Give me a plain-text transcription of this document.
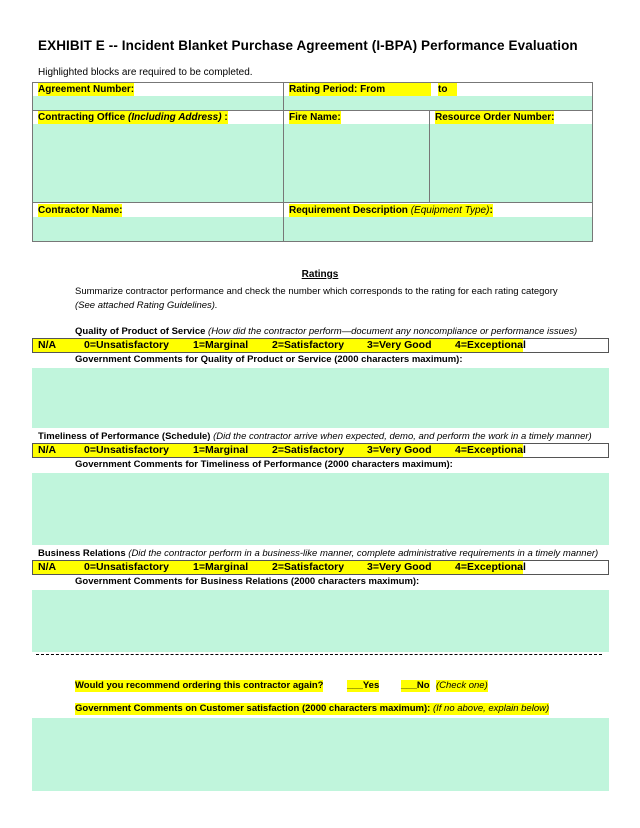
EXHIBIT E -- Incident Blanket Purchase Agreement (I-BPA) Performance Evaluation
Highlighted blocks are required to be completed.
Agreement Number:	Rating Period: From	to
Contracting Office (Including Address) :	Fire Name:	Resource Order Number:
Contractor Name:	Requirement Description (Equipment Type):
Ratings
Summarize contractor performance and check the number which corresponds to the rating for each rating category
(See attached Rating Guidelines).
Quality of Product of Service (How did the contractor perform—document any noncompliance or performance issues)
N/A	0=Unsatisfactory 1=Marginal 2=Satisfactory 3=Very Good 4=Exceptional
Government Comments for Quality of Product or Service (2000 characters maximum):
Timeliness of Performance (Schedule) (Did the contractor arrive when expected, demo, and perform the work in a timely manner)
N/A	0=Unsatisfactory 1=Marginal 2=Satisfactory 3=Very Good 4=Exceptional
Government Comments for Timeliness of Performance (2000 characters maximum):
Business Relations (Did the contractor perform in a business-like manner, complete administrative requirements in a timely manner)
N/A	0=Unsatisfactory 1=Marginal 2=Satisfactory 3=Very Good 4=Exceptional
Government Comments for Business Relations (2000 characters maximum):
Would you recommend ordering this contractor again? ___Yes ___No (Check one)
Government Comments on Customer satisfaction (2000 characters maximum): (If no above, explain below)
